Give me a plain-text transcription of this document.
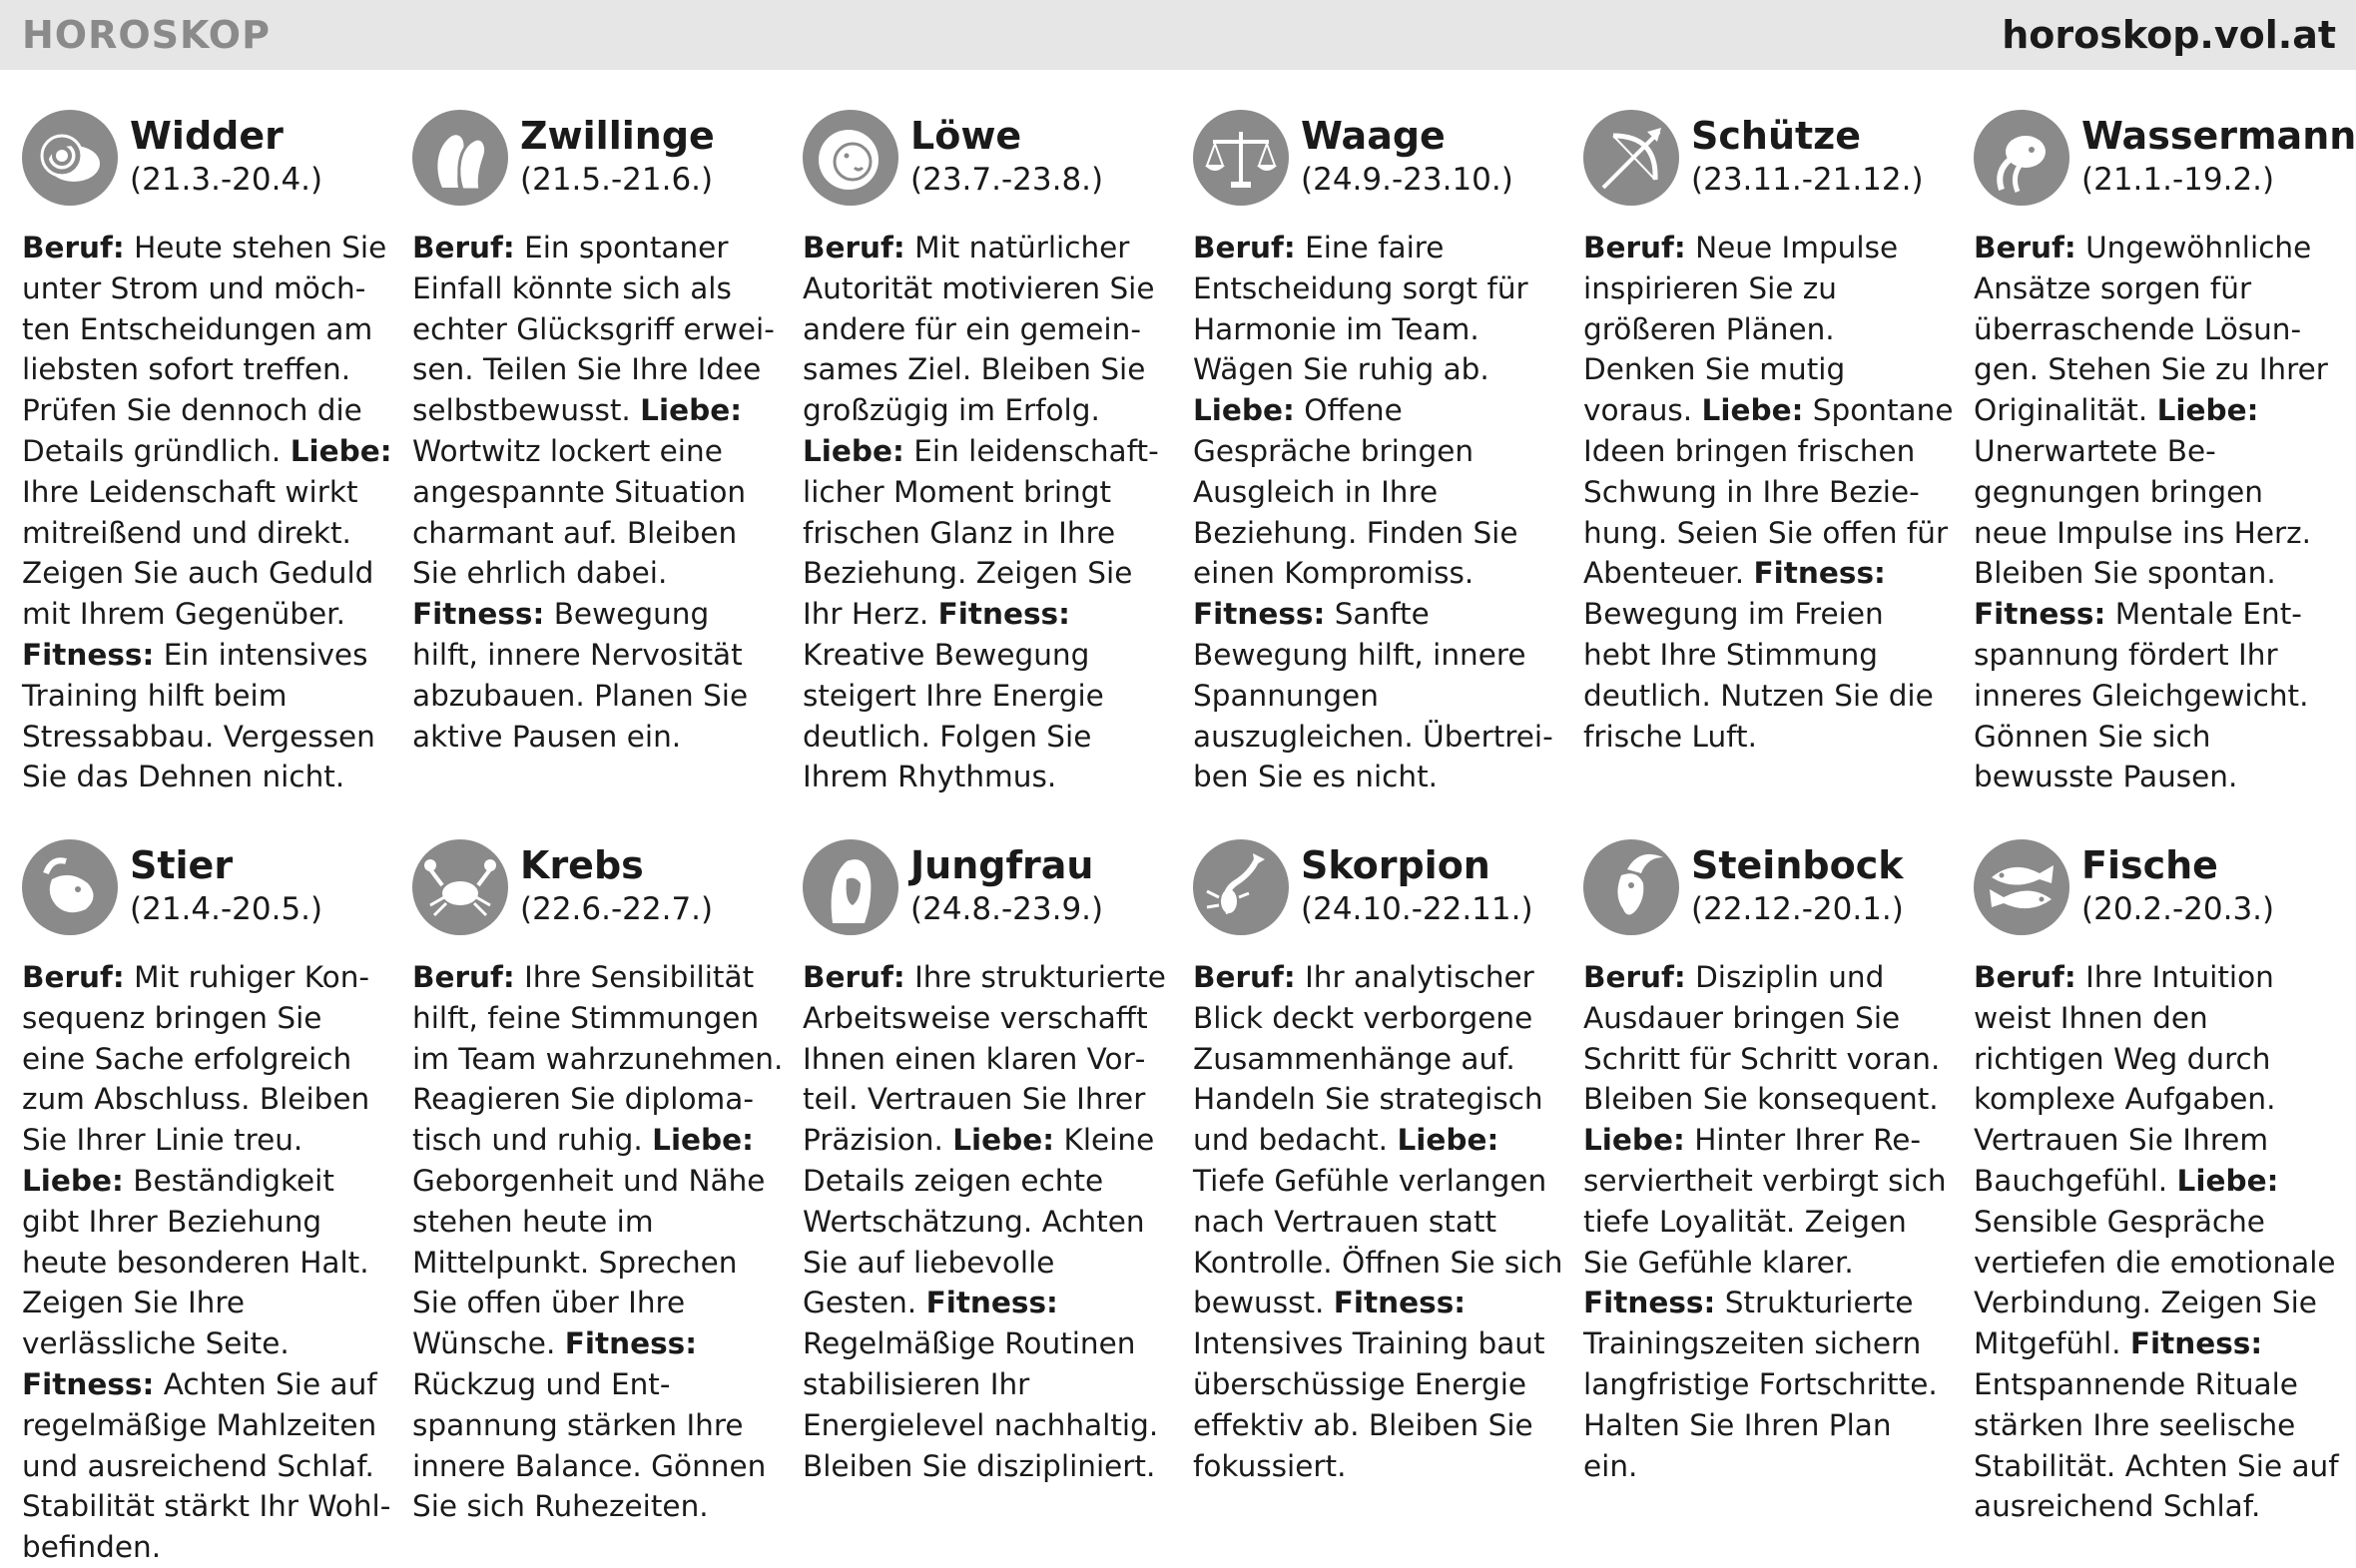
HOROSKOP	horoskop.vol.at
Widder
(21.3.-20.4.)
Beruf: Heute stehen Sie unter Strom und möchten Entscheidungen am liebsten sofort treffen. Prüfen Sie dennoch die Details gründlich. Liebe: Ihre Leidenschaft wirkt mitreißend und direkt. Zeigen Sie auch Geduld mit Ihrem Gegenüber. Fitness: Ein intensives Training hilft beim Stressabbau. Vergessen Sie das Dehnen nicht.
Zwillinge
(21.5.-21.6.)
Beruf: Ein spontaner Einfall könnte sich als echter Glücksgriff erweisen. Teilen Sie Ihre Idee selbstbewusst. Liebe: Wortwitz lockert eine angespannte Situation charmant auf. Bleiben Sie ehrlich dabei. Fitness: Bewegung hilft, innere Nervosität abzubauen. Planen Sie aktive Pausen ein.
Löwe
(23.7.-23.8.)
Beruf: Mit natürlicher Autorität motivieren Sie andere für ein gemeinsames Ziel. Bleiben Sie großzügig im Erfolg. Liebe: Ein leidenschaftlicher Moment bringt frischen Glanz in Ihre Beziehung. Zeigen Sie Ihr Herz. Fitness: Kreative Bewegung steigert Ihre Energie deutlich. Folgen Sie Ihrem Rhythmus.
Waage
(24.9.-23.10.)
Beruf: Eine faire Entscheidung sorgt für Harmonie im Team. Wägen Sie ruhig ab. Liebe: Offene Gespräche bringen Ausgleich in Ihre Beziehung. Finden Sie einen Kompromiss. Fitness: Sanfte Bewegung hilft, innere Spannungen auszugleichen. Übertreiben Sie es nicht.
Schütze
(23.11.-21.12.)
Beruf: Neue Impulse inspirieren Sie zu größeren Plänen. Denken Sie mutig voraus. Liebe: Spontane Ideen bringen frischen Schwung in Ihre Beziehung. Seien Sie offen für Abenteuer. Fitness: Bewegung im Freien hebt Ihre Stimmung deutlich. Nutzen Sie die frische Luft.
Wassermann
(21.1.-19.2.)
Beruf: Ungewöhnliche Ansätze sorgen für überraschende Lösungen. Stehen Sie zu Ihrer Originalität. Liebe: Unerwartete Begegnungen bringen neue Impulse ins Herz. Bleiben Sie spontan. Fitness: Mentale Entspannung fördert Ihr inneres Gleichgewicht. Gönnen Sie sich bewusste Pausen.
Stier
(21.4.-20.5.)
Beruf: Mit ruhiger Konsequenz bringen Sie eine Sache erfolgreich zum Abschluss. Bleiben Sie Ihrer Linie treu. Liebe: Beständigkeit gibt Ihrer Beziehung heute besonderen Halt. Zeigen Sie Ihre verlässliche Seite. Fitness: Achten Sie auf regelmäßige Mahlzeiten und ausreichend Schlaf. Stabilität stärkt Ihr Wohlbefinden.
Krebs
(22.6.-22.7.)
Beruf: Ihre Sensibilität hilft, feine Stimmungen im Team wahrzunehmen. Reagieren Sie diplomatisch und ruhig. Liebe: Geborgenheit und Nähe stehen heute im Mittelpunkt. Sprechen Sie offen über Ihre Wünsche. Fitness: Rückzug und Entspannung stärken Ihre innere Balance. Gönnen Sie sich Ruhezeiten.
Jungfrau
(24.8.-23.9.)
Beruf: Ihre strukturierte Arbeitsweise verschafft Ihnen einen klaren Vorteil. Vertrauen Sie Ihrer Präzision. Liebe: Kleine Details zeigen echte Wertschätzung. Achten Sie auf liebevolle Gesten. Fitness: Regelmäßige Routinen stabilisieren Ihr Energielevel nachhaltig. Bleiben Sie diszipliniert.
Skorpion
(24.10.-22.11.)
Beruf: Ihr analytischer Blick deckt verborgene Zusammenhänge auf. Handeln Sie strategisch und bedacht. Liebe: Tiefe Gefühle verlangen nach Vertrauen statt Kontrolle. Öffnen Sie sich bewusst. Fitness: Intensives Training baut überschüssige Energie effektiv ab. Bleiben Sie fokussiert.
Steinbock
(22.12.-20.1.)
Beruf: Disziplin und Ausdauer bringen Sie Schritt für Schritt voran. Bleiben Sie konsequent. Liebe: Hinter Ihrer Reserviertheit verbirgt sich tiefe Loyalität. Zeigen Sie Gefühle klarer. Fitness: Strukturierte Trainingszeiten sichern langfristige Fortschritte. Halten Sie Ihren Plan ein.
Fische
(20.2.-20.3.)
Beruf: Ihre Intuition weist Ihnen den richtigen Weg durch komplexe Aufgaben. Vertrauen Sie Ihrem Bauchgefühl. Liebe: Sensible Gespräche vertiefen die emotionale Verbindung. Zeigen Sie Mitgefühl. Fitness: Entspannende Rituale stärken Ihre seelische Stabilität. Achten Sie auf ausreichend Schlaf.
